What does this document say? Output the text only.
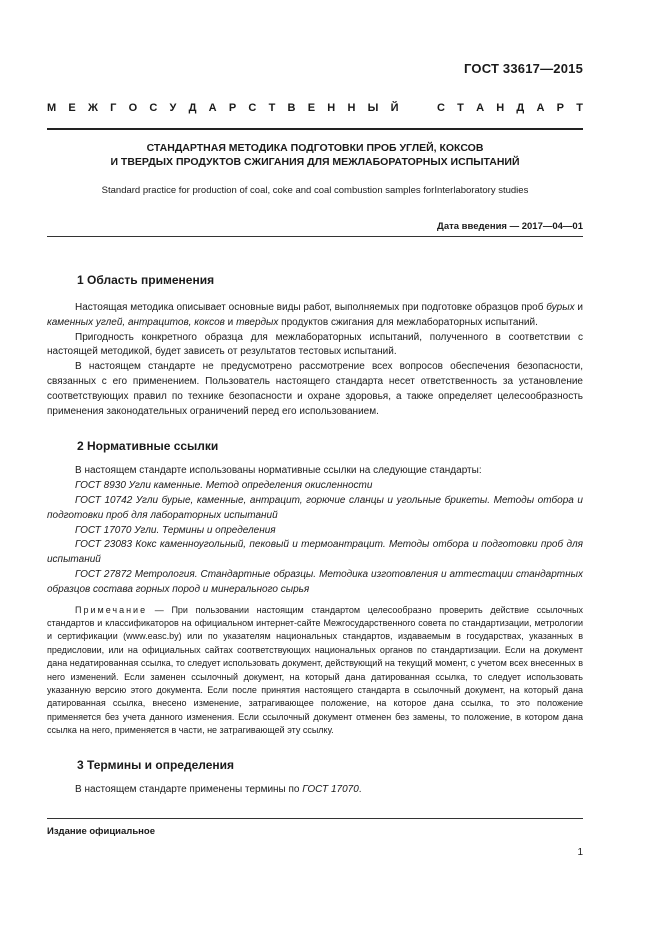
ГОСТ 33617—2015
М Е Ж Г О С У Д А Р С Т В Е Н Н Ы Й	С Т А Н Д А Р Т
СТАНДАРТНАЯ МЕТОДИКА ПОДГОТОВКИ ПРОБ УГЛЕЙ, КОКСОВ
И ТВЕРДЫХ ПРОДУКТОВ СЖИГАНИЯ ДЛЯ МЕЖЛАБОРАТОРНЫХ ИСПЫТАНИЙ
Standard practice for production of coal, coke and coal combustion samples forInterlaboratory studies
Дата введения — 2017—04—01
1 Область применения

Настоящая методика описывает основные виды работ, выполняемых при подготовке образцов проб бурых и каменных углей, антрацитов, коксов и твердых продуктов сжигания для межлабораторных испытаний.

Пригодность конкретного образца для межлабораторных испытаний, полученного в соответствии с настоящей методикой, будет зависеть от результатов тестовых испытаний.

В настоящем стандарте не предусмотрено рассмотрение всех вопросов обеспечения безопасности, связанных с его применением. Пользователь настоящего стандарта несет ответственность за установление соответствующих правил по технике безопасности и охране здоровья, а также определяет целесообразность применения законодательных ограничений перед его использованием.

2 Нормативные ссылки

В настоящем стандарте использованы нормативные ссылки на следующие стандарты:

ГОСТ 8930 Угли каменные. Метод определения окисленности

ГОСТ 10742 Угли бурые, каменные, антрацит, горючие сланцы и угольные брикеты. Методы отбора и подготовки проб для лабораторных испытаний

ГОСТ 17070 Угли. Термины и определения

ГОСТ 23083 Кокс каменноугольный, пековый и термоантрацит. Методы отбора и подготовки проб для испытаний

ГОСТ 27872 Метрология. Стандартные образцы. Методика изготовления и аттестации стандартных образцов состава горных пород и минерального сырья

Примечание — При пользовании настоящим стандартом целесообразно проверить действие ссылочных стандартов и классификаторов на официальном интернет-сайте Межгосударственного совета по стандартизации, метрологии и сертификации (www.easc.by) или по указателям национальных стандартов, издаваемым в государствах, указанных в предисловии, или на официальных сайтах соответствующих национальных органов по стандартизации. Если на документ дана недатированная ссылка, то следует использовать документ, действующий на текущий момент, с учетом всех внесенных в него изменений. Если заменен ссылочный документ, на который дана датированная ссылка, то следует использовать указанную версию этого документа. Если после принятия настоящего стандарта в ссылочный документ, на который дана датированная ссылка, внесено изменение, затрагивающее положение, на которое дана ссылка, то это положение применяется без учета данного изменения. Если ссылочный документ отменен без замены, то положение, в котором дана ссылка на него, применяется в части, не затрагивающей эту ссылку.

3 Термины и определения

В настоящем стандарте применены термины по ГОСТ 17070.

Издание официальное
1
